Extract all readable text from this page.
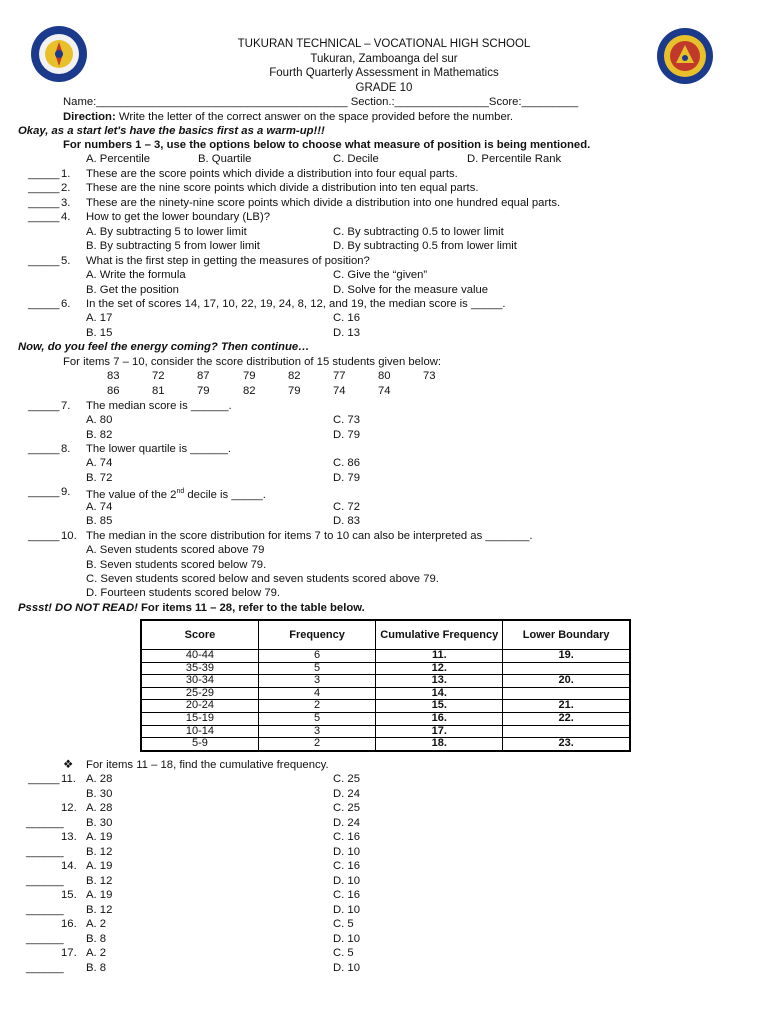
TUKURAN TECHNICAL – VOCATIONAL HIGH SCHOOL
Tukuran, Zamboanga del sur
Fourth Quarterly Assessment in Mathematics
GRADE 10
Name:________________________________________ Section.:_______________Score:_________
Direction: Write the letter of the correct answer on the space provided before the number.
Okay, as a start let's have the basics first as a warm-up!!!
For numbers 1 – 3, use the options below to choose what measure of position is being mentioned.
A. Percentile	B. Quartile	C. Decile	D. Percentile Rank
_____ 1. These are the score points which divide a distribution into four equal parts.
_____ 2. These are the nine score points which divide a distribution into ten equal parts.
_____ 3. These are the ninety-nine score points which divide a distribution into one hundred equal parts.
_____ 4. How to get the lower boundary (LB)?
A. By subtracting 5 to lower limit	C. By subtracting 0.5 to lower limit
B. By subtracting 5 from lower limit	D. By subtracting 0.5 from lower limit
_____ 5. What is the first step in getting the measures of position?
A. Write the formula	C. Give the “given”
B. Get the position	D. Solve for the measure value
_____ 6. In the set of scores 14, 17, 10, 22, 19, 24, 8, 12, and 19, the median score is _____.
A. 17	C. 16
B. 15	D. 13
Now, do you feel the energy coming? Then continue…
For items 7 – 10, consider the score distribution of 15 students given below:
83	72	87	79	82	77	80	73
86	81	79	82	79	74	74
_____ 7. The median score is ______.
A. 80	C. 73
B. 82	D. 79
_____ 8. The lower quartile is ______.
A. 74	C. 86
B. 72	D. 79
_____ 9. The value of the 2nd decile is _____.
A. 74	C. 72
B. 85	D. 83
_____ 10. The median in the score distribution for items 7 to 10 can also be interpreted as _______.
A. Seven students scored above 79
B. Seven students scored below 79.
C. Seven students scored below and seven students scored above 79.
D. Fourteen students scored below 79.
Pssst! DO NOT READ! For items 11 – 28, refer to the table below.
Score	Frequency	Cumulative Frequency	Lower Boundary
40-44	6	11.	19.
35-39	5	12.	
30-34	3	13.	20.
25-29	4	14.	
20-24	2	15.	21.
15-19	5	16.	22.
10-14	3	17.	
5-9	2	18.	23.
❖ For items 11 – 18, find the cumulative frequency.
_____ 11. A. 28	C. 25
B. 30	D. 24
12. A. 28	C. 25
______ B. 30	D. 24
13. A. 19	C. 16
______ B. 12	D. 10
14. A. 19	C. 16
______ B. 12	D. 10
15. A. 19	C. 16
______ B. 12	D. 10
16. A. 2	C. 5
______ B. 8	D. 10
17. A. 2	C. 5
______ B. 8	D. 10
